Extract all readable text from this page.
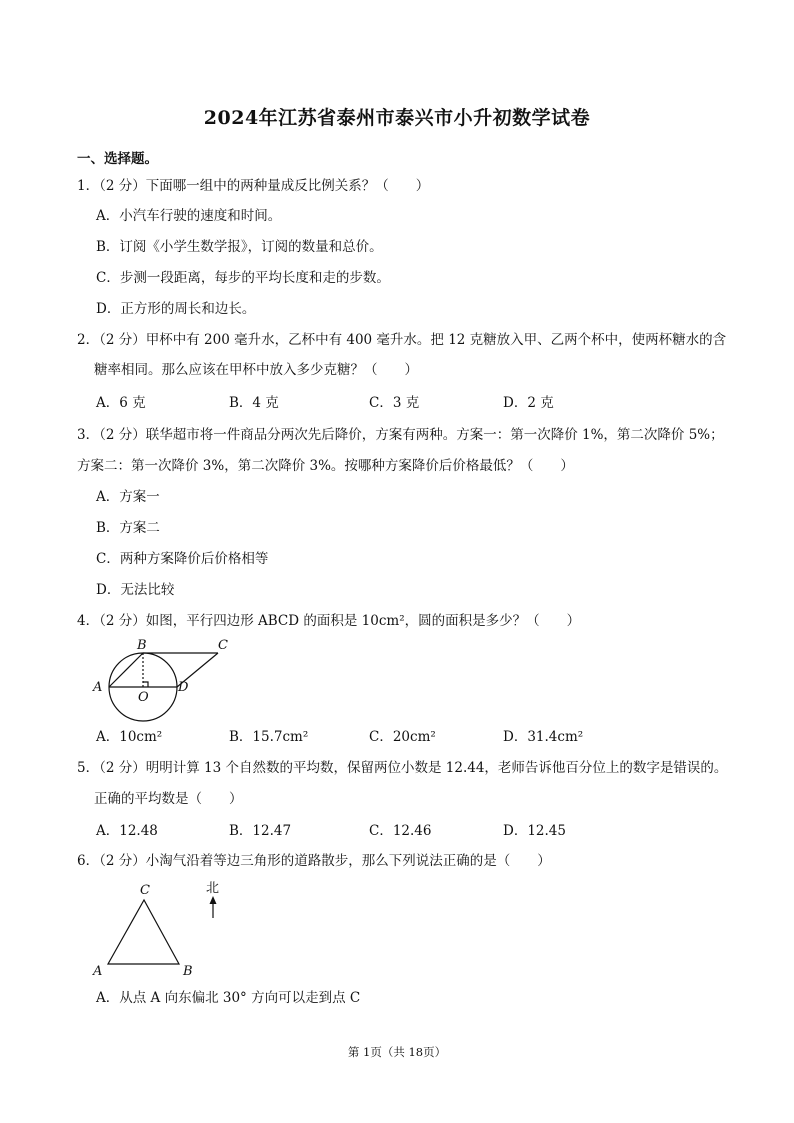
2024年江苏省泰州市泰兴市小升初数学试卷
一、选择题。
1．（2 分）下面哪一组中的两种量成反比例关系？（　　）
A．小汽车行驶的速度和时间。
B．订阅《小学生数学报》，订阅的数量和总价。
C．步测一段距离，每步的平均长度和走的步数。
D．正方形的周长和边长。
2．（2 分）甲杯中有 200 毫升水，乙杯中有 400 毫升水。把 12 克糖放入甲、乙两个杯中，使两杯糖水的含
糖率相同。那么应该在甲杯中放入多少克糖？（　　）
A．6 克	B．4 克	C．3 克	D．2 克
3．（2 分）联华超市将一件商品分两次先后降价，方案有两种。方案一：第一次降价 1%，第二次降价 5%；
方案二：第一次降价 3%，第二次降价 3%。按哪种方案降价后价格最低？（　　）
A．方案一
B．方案二
C．两种方案降价后价格相等
D．无法比较
4．（2 分）如图，平行四边形 ABCD 的面积是 10cm²，圆的面积是多少？（　　）
A
B	C
D
O
A．10cm²	B．15.7cm²	C．20cm²	D．31.4cm²
5．（2 分）明明计算 13 个自然数的平均数，保留两位小数是 12.44，老师告诉他百分位上的数字是错误的。
正确的平均数是（　　）
A．12.48	B．12.47	C．12.46	D．12.45
6．（2 分）小淘气沿着等边三角形的道路散步，那么下列说法正确的是（　　）
A	B
C	北
A．从点 A 向东偏北 30° 方向可以走到点 C
第 1页（共 18页）
